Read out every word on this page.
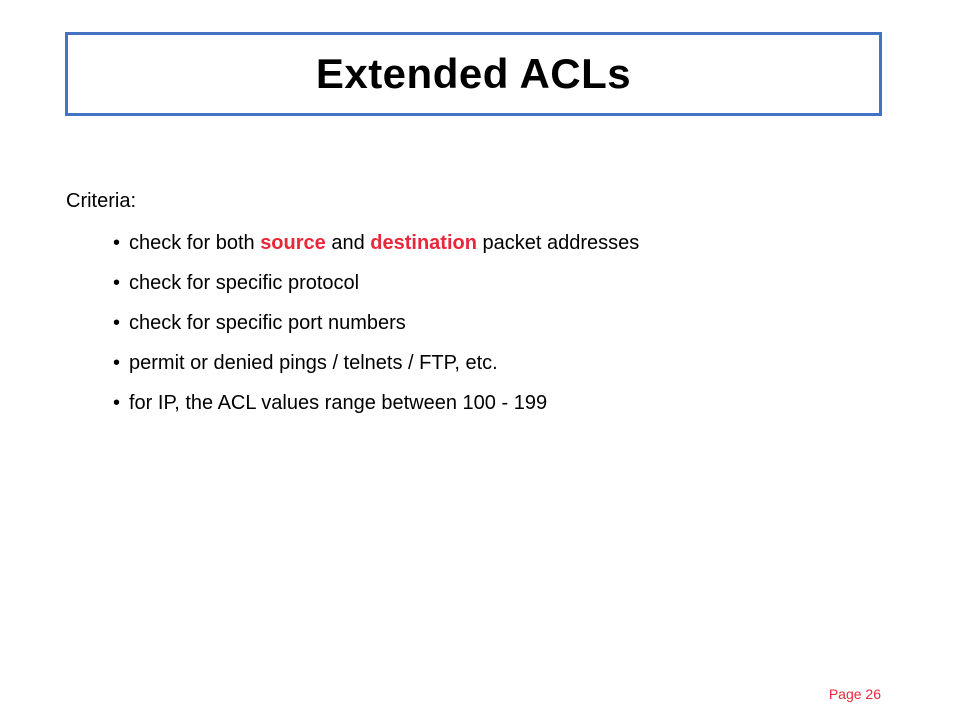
Extended ACLs
Criteria:
• check for both source and destination packet addresses
• check for specific protocol
• check for specific port numbers
• permit or denied pings / telnets / FTP, etc.
• for IP, the ACL values range between 100 - 199
Page 26
